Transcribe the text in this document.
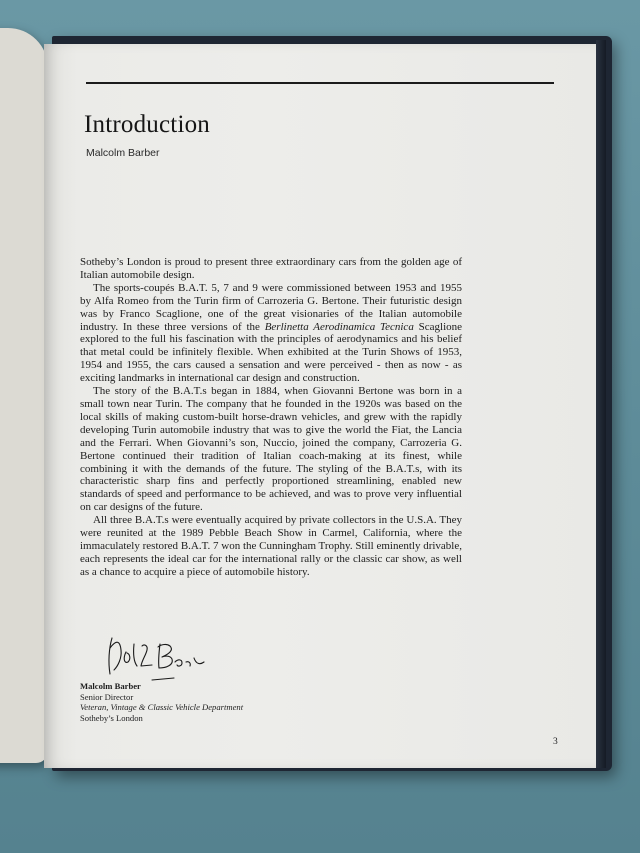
Introduction
Malcolm Barber

Sotheby’s London is proud to present three extraordinary cars from the golden age of Italian automobile design.

The sports-coupés B.A.T. 5, 7 and 9 were commissioned between 1953 and 1955 by Alfa Romeo from the Turin firm of Carrozeria G. Bertone. Their futuristic design was by Franco Scaglione, one of the great visionaries of the Italian automobile industry. In these three versions of the Berlinetta Aerodinamica Tecnica Scaglione explored to the full his fascination with the principles of aerodynamics and his belief that metal could be infinitely flexible. When exhibited at the Turin Shows of 1953, 1954 and 1955, the cars caused a sensation and were perceived - then as now - as exciting landmarks in international car design and construction.

The story of the B.A.T.s began in 1884, when Giovanni Bertone was born in a small town near Turin. The company that he founded in the 1920s was based on the local skills of making custom-built horse-drawn vehicles, and grew with the rapidly developing Turin automobile industry that was to give the world the Fiat, the Lancia and the Ferrari. When Giovanni’s son, Nuccio, joined the company, Carrozeria G. Bertone continued their tradition of Italian coach-making at its finest, while combining it with the demands of the future. The styling of the B.A.T.s, with its characteristic sharp fins and perfectly proportioned streamlining, enabled new standards of speed and performance to be achieved, and was to prove very influential on car designs of the future.

All three B.A.T.s were eventually acquired by private collectors in the U.S.A. They were reunited at the 1989 Pebble Beach Show in Carmel, California, where the immaculately restored B.A.T. 7 won the Cunningham Trophy. Still eminently drivable, each represents the ideal car for the international rally or the classic car show, as well as a chance to acquire a piece of automobile history.

M Barber
Malcolm Barber
Senior Director
Veteran, Vintage & Classic Vehicle Department
Sotheby’s London
3
